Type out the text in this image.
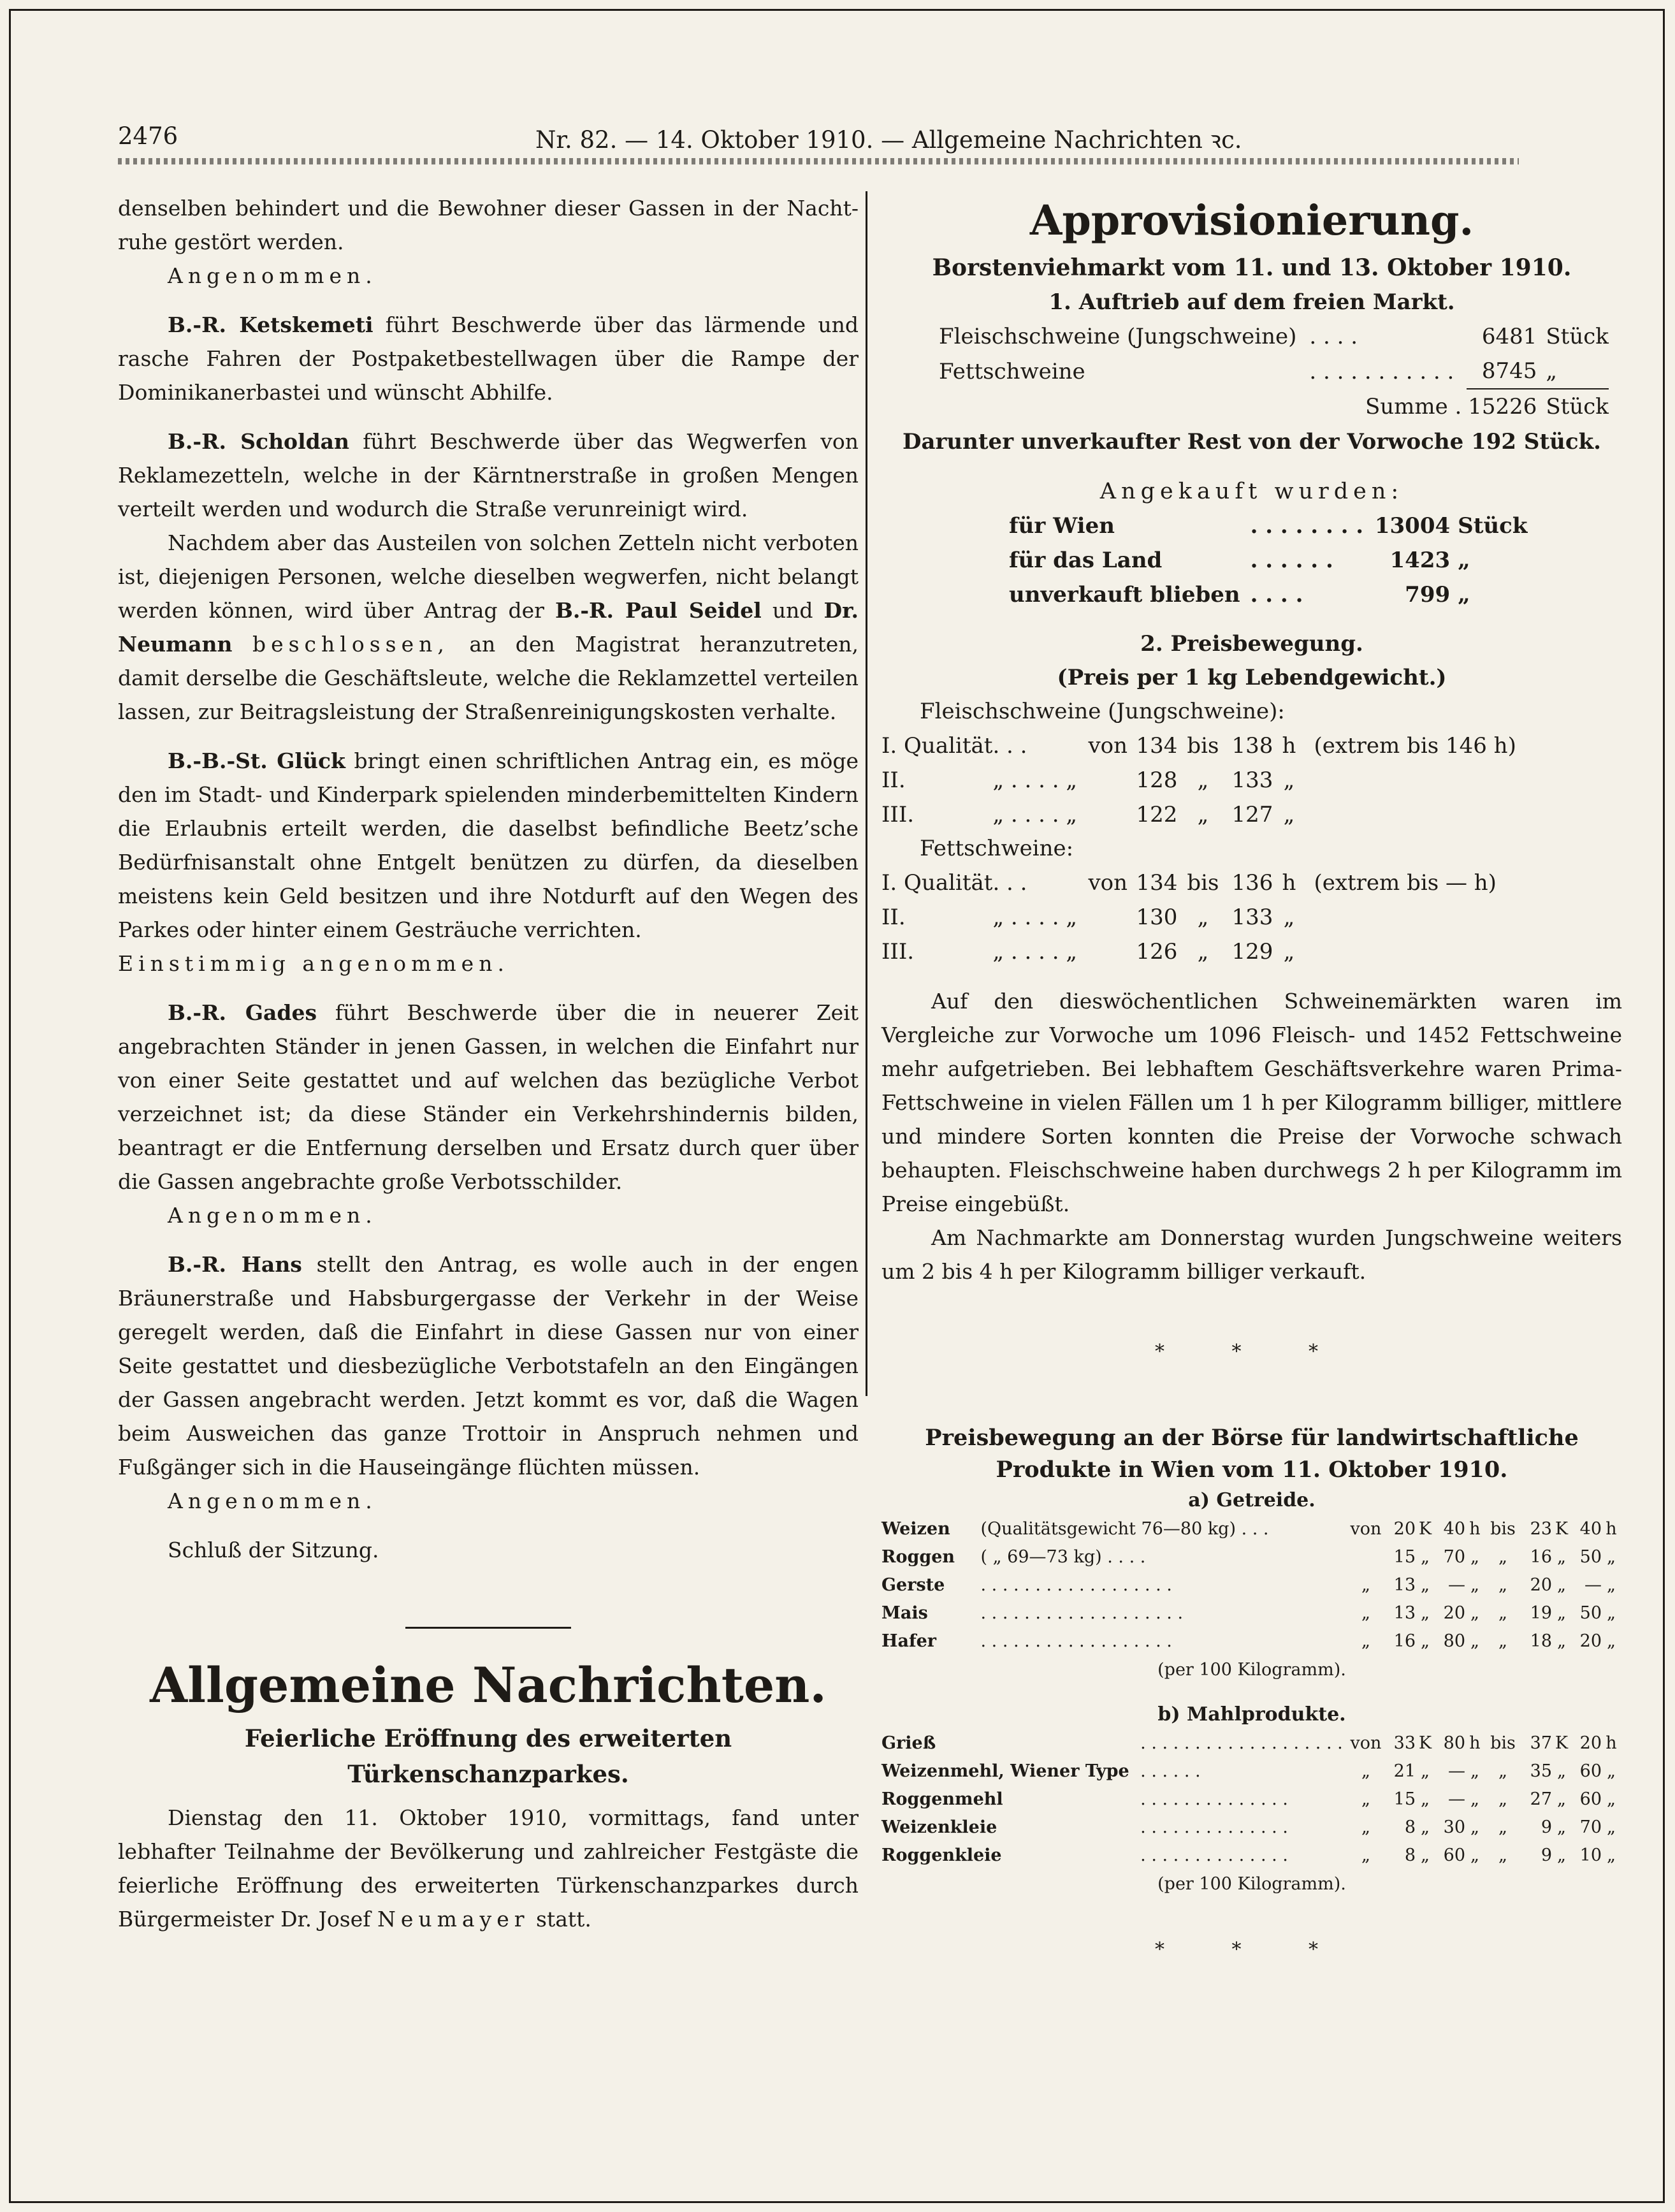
2476	Nr. 82. — 14. Oktober 1910. — Allgemeine Nachrichten ꝛc.

denselben behindert und die Bewohner dieser Gassen in der Nacht-ruhe gestört werden.

Angenommen.

B.-R. Ketskemeti führt Beschwerde über das lärmende und rasche Fahren der Postpaketbestellwagen über die Rampe der Dominikanerbastei und wünscht Abhilfe.

B.-R. Scholdan führt Beschwerde über das Wegwerfen von Reklamezetteln, welche in der Kärntnerstraße in großen Mengen verteilt werden und wodurch die Straße verunreinigt wird.

Nachdem aber das Austeilen von solchen Zetteln nicht verboten ist, diejenigen Personen, welche dieselben wegwerfen, nicht belangt werden können, wird über Antrag der B.-R. Paul Seidel und Dr. Neumann beschlossen, an den Magistrat heranzutreten, damit derselbe die Geschäftsleute, welche die Reklamzettel verteilen lassen, zur Beitragsleistung der Straßenreinigungskosten verhalte.

B.-B.-St. Glück bringt einen schriftlichen Antrag ein, es möge den im Stadt- und Kinderpark spielenden minderbemittelten Kindern die Erlaubnis erteilt werden, die daselbst befindliche Beetz’sche Bedürfnisanstalt ohne Entgelt benützen zu dürfen, da dieselben meistens kein Geld besitzen und ihre Notdurft auf den Wegen des Parkes oder hinter einem Gesträuche verrichten.

Einstimmig angenommen.

B.-R. Gades führt Beschwerde über die in neuerer Zeit angebrachten Ständer in jenen Gassen, in welchen die Einfahrt nur von einer Seite gestattet und auf welchen das bezügliche Verbot verzeichnet ist; da diese Ständer ein Verkehrshindernis bilden, beantragt er die Entfernung derselben und Ersatz durch quer über die Gassen angebrachte große Verbotsschilder.

Angenommen.

B.-R. Hans stellt den Antrag, es wolle auch in der engen Bräunerstraße und Habsburgergasse der Verkehr in der Weise geregelt werden, daß die Einfahrt in diese Gassen nur von einer Seite gestattet und diesbezügliche Verbotstafeln an den Eingängen der Gassen angebracht werden. Jetzt kommt es vor, daß die Wagen beim Ausweichen das ganze Trottoir in Anspruch nehmen und Fußgänger sich in die Hauseingänge flüchten müssen.

Angenommen.

Schluß der Sitzung.

Allgemeine Nachrichten.
Feierliche Eröffnung des erweiterten Türkenschanzparkes.

Dienstag den 11. Oktober 1910, vormittags, fand unter lebhafter Teilnahme der Bevölkerung und zahlreicher Festgäste die feierliche Eröffnung des erweiterten Türkenschanzparkes durch Bürgermeister Dr. Josef Neumayer statt.

Approvisionierung.
Borstenviehmarkt vom 11. und 13. Oktober 1910.
1. Auftrieb auf dem freien Markt.
Fleischschweine (Jungschweine)	. . . .	6481	Stück
Fettschweine	. . . . . . . . . . .	8745	„
	Summe .	15226	Stück
Darunter unverkaufter Rest von der Vorwoche 192 Stück.
Angekauft wurden:
für Wien	. . . . . . . .	13004	Stück
für das Land	. . . . . .	1423	„
unverkauft blieben	. . . .	799	„
2. Preisbewegung.
(Preis per 1 kg Lebendgewicht.)
Fleischschweine (Jungschweine):
I. Qualität	. . .	von	134	bis	138	h	(extrem bis 146 h)
II.	„ . . . . „		128	„	133	„	
III.	„ . . . . „		122	„	127	„	
Fettschweine:
I. Qualität	. . .	von	134	bis	136	h	(extrem bis — h)
II.	„ . . . . „		130	„	133	„	
III.	„ . . . . „		126	„	129	„	

Auf den dieswöchentlichen Schweinemärkten waren im Vergleiche zur Vorwoche um 1096 Fleisch- und 1452 Fettschweine mehr aufgetrieben. Bei lebhaftem Geschäftsverkehre waren Prima-Fettschweine in vielen Fällen um 1 h per Kilogramm billiger, mittlere und mindere Sorten konnten die Preise der Vorwoche schwach behaupten. Fleischschweine haben durchwegs 2 h per Kilogramm im Preise eingebüßt.

Am Nachmarkte am Donnerstag wurden Jungschweine weiters um 2 bis 4 h per Kilogramm billiger verkauft.

* * *
Preisbewegung an der Börse für landwirtschaftliche
Produkte in Wien vom 11. Oktober 1910.
a) Getreide.
Weizen	(Qualitätsgewicht 76—80 kg) . . .	von	20	K	40	h	bis	23	K	40	h
Roggen	( „ 69—73 kg) . . . .		15	„	70	„	„	16	„	50	„
Gerste	. . . . . . . . . . . . . . . . . .	„	13	„	—	„	„	20	„	—	„
Mais	. . . . . . . . . . . . . . . . . . .	„	13	„	20	„	„	19	„	50	„
Hafer	. . . . . . . . . . . . . . . . . .	„	16	„	80	„	„	18	„	20	„
(per 100 Kilogramm).
b) Mahlprodukte.
Grieß	. . . . . . . . . . . . . . . . . . .	von	33	K	80	h	bis	37	K	20	h
Weizenmehl, Wiener Type	. . . . . .	„	21	„	—	„	„	35	„	60	„
Roggenmehl	. . . . . . . . . . . . . .	„	15	„	—	„	„	27	„	60	„
Weizenkleie	. . . . . . . . . . . . . .	„	8	„	30	„	„	9	„	70	„
Roggenkleie	. . . . . . . . . . . . . .	„	8	„	60	„	„	9	„	10	„
(per 100 Kilogramm).
* * *
